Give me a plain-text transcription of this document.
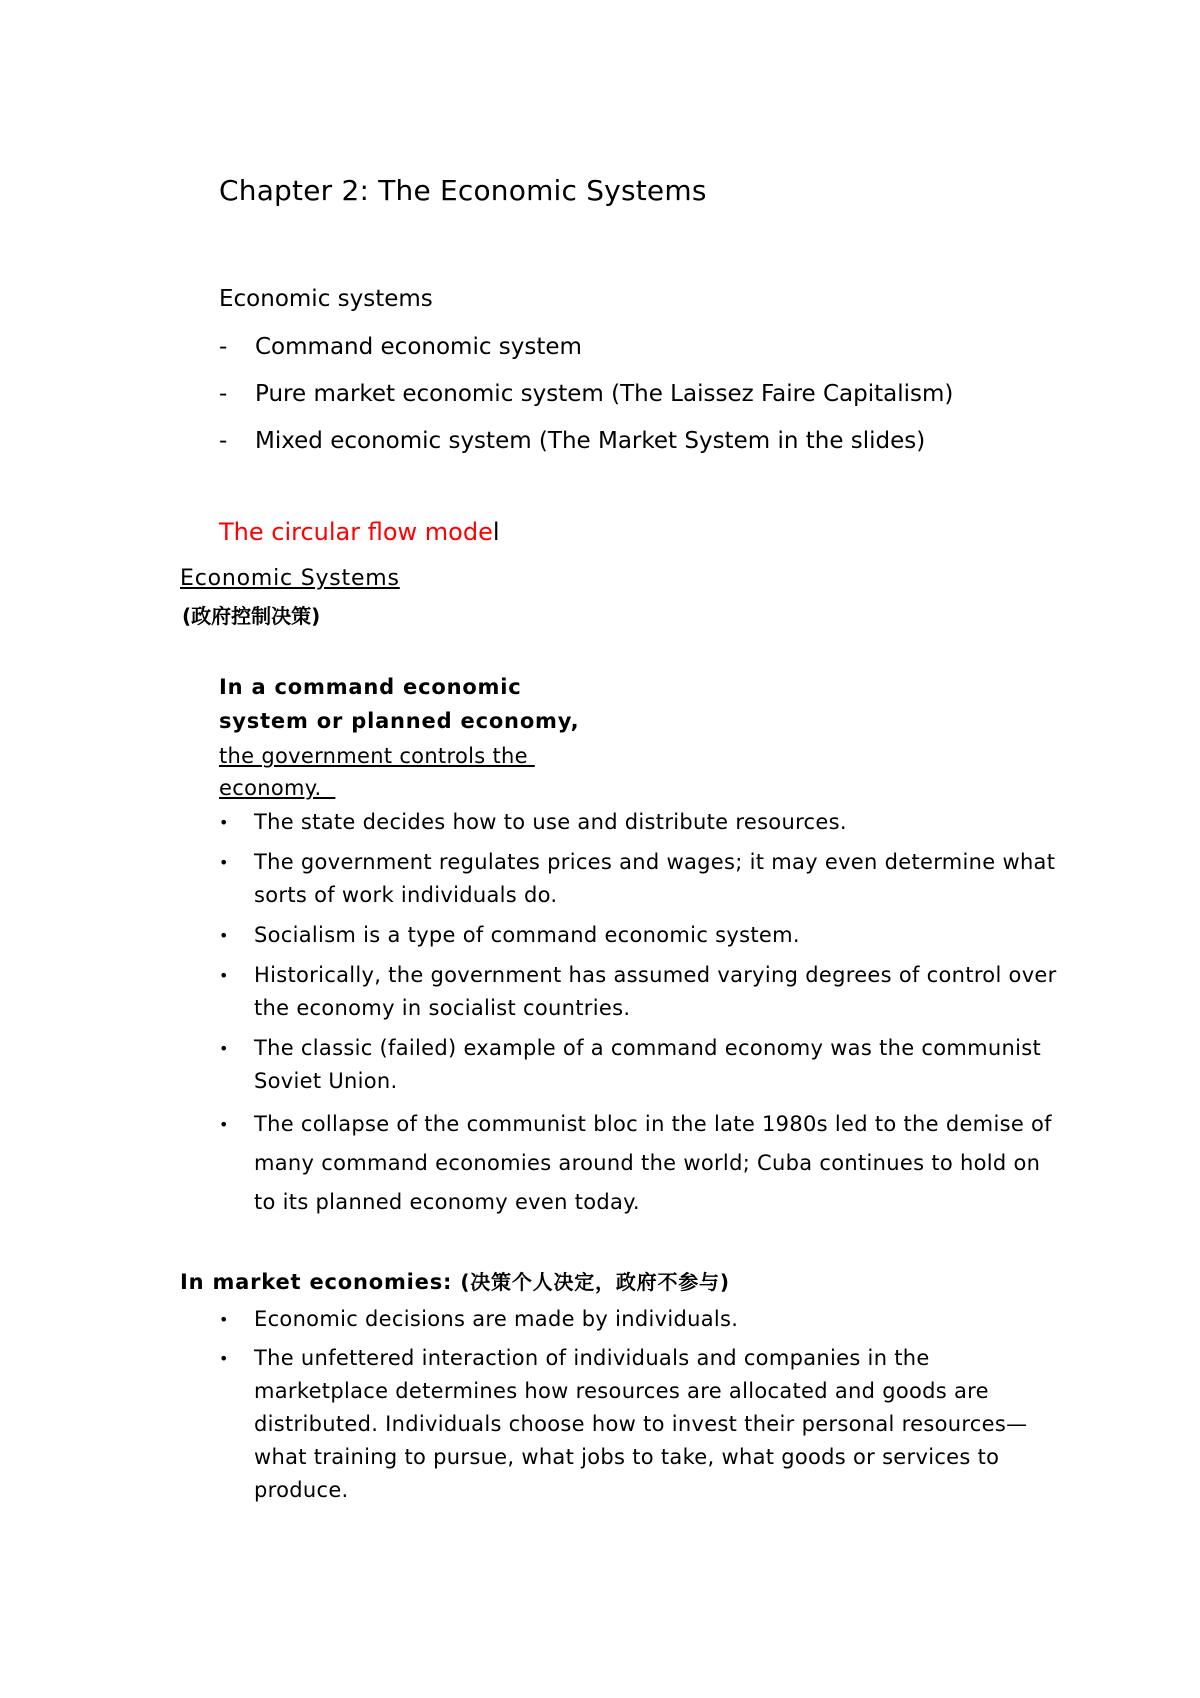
Chapter 2: The Economic Systems
Economic systems
- Command economic system
- Pure market economic system (The Laissez Faire Capitalism)
- Mixed economic system (The Market System in the slides)
The circular flow model
Economic Systems
(政府控制决策)
In a command economic
system or planned economy,
the government controls the
economy.
• The state decides how to use and distribute resources.
• The government regulates prices and wages; it may even determine what sorts of work individuals do.
• Socialism is a type of command economic system.
• Historically, the government has assumed varying degrees of control over the economy in socialist countries.
• The classic (failed) example of a command economy was the communist Soviet Union.
• The collapse of the communist bloc in the late 1980s led to the demise of many command economies around the world; Cuba continues to hold on to its planned economy even today.
In market economies: (决策个人决定，政府不参与)
• Economic decisions are made by individuals.
• The unfettered interaction of individuals and companies in the marketplace determines how resources are allocated and goods are distributed. Individuals choose how to invest their personal resources—what training to pursue, what jobs to take, what goods or services to produce.
